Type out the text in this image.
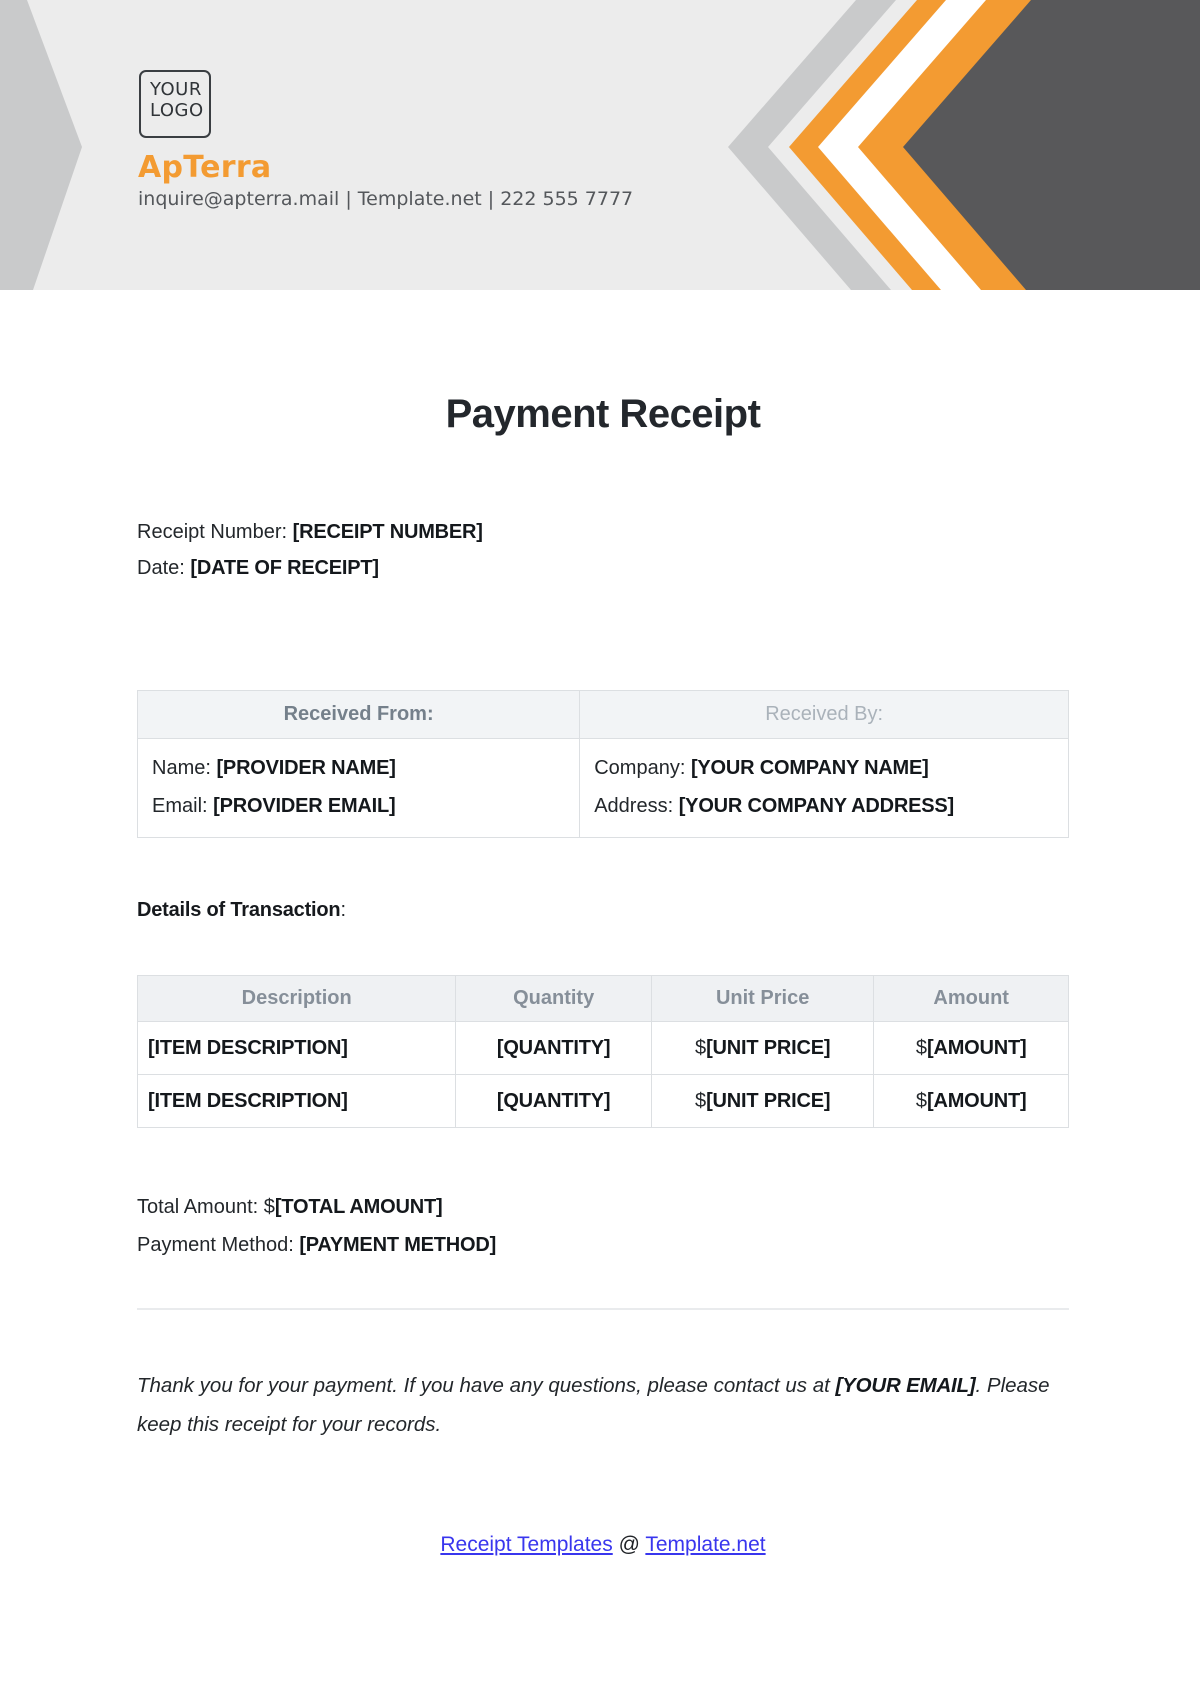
YOUR
LOGO
ApTerra
inquire@apterra.mail | Template.net | 222 555 7777
Payment Receipt

Receipt Number: [RECEIPT NUMBER]

Date: [DATE OF RECEIPT]

Received From:	Received By:

Name: [PROVIDER NAME]
Email: [PROVIDER EMAIL]

Company: [YOUR COMPANY NAME]
Address: [YOUR COMPANY ADDRESS]

Details of Transaction:

Description	Quantity	Unit Price	Amount
[ITEM DESCRIPTION]	[QUANTITY]	$[UNIT PRICE]	$[AMOUNT]
[ITEM DESCRIPTION]	[QUANTITY]	$[UNIT PRICE]	$[AMOUNT]

Total Amount: $[TOTAL AMOUNT]

Payment Method: [PAYMENT METHOD]

Thank you for your payment. If you have any questions, please contact us at [YOUR EMAIL]. Please keep this receipt for your records.

Receipt Templates @ Template.net
